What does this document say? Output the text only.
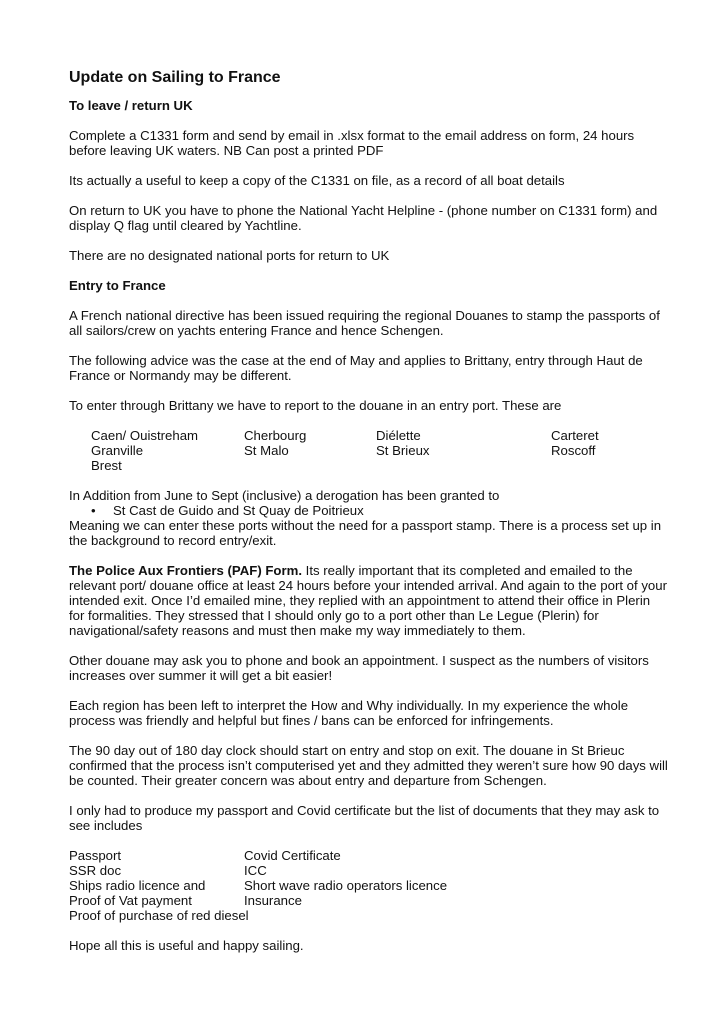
Update on Sailing to France
To leave / return UK

Complete a C1331 form and send by email in .xlsx format to the email address on form, 24 hours before leaving UK waters. NB Can post a printed PDF

Its actually a useful to keep a copy of the C1331 on file, as a record of all boat details

On return to UK you have to phone the National Yacht Helpline - (phone number on C1331 form) and display Q flag until cleared by Yachtline.

There are no designated national ports for return to UK

Entry to France

A French national directive has been issued requiring the regional Douanes to stamp the passports of all sailors/crew on yachts entering France and hence Schengen.

The following advice was the case at the end of May and applies to Brittany, entry through Haut de France or Normandy may be different.

To enter through Brittany we have to report to the douane in an entry port. These are

Caen/ Ouistreham	Cherbourg	Diélette	Carteret
Granville	St Malo	St Brieux	Roscoff
Brest
In Addition from June to Sept (inclusive) a derogation has been granted to
• St Cast de Guido and St Quay de Poitrieux

Meaning we can enter these ports without the need for a passport stamp. There is a process set up in the background to record entry/exit.

The Police Aux Frontiers (PAF) Form. Its really important that its completed and emailed to the relevant port/ douane office at least 24 hours before your intended arrival. And again to the port of your intended exit. Once I’d emailed mine, they replied with an appointment to attend their office in Plerin for formalities. They stressed that I should only go to a port other than Le Legue (Plerin) for navigational/safety reasons and must then make my way immediately to them.

Other douane may ask you to phone and book an appointment. I suspect as the numbers of visitors increases over summer it will get a bit easier!

Each region has been left to interpret the How and Why individually. In my experience the whole process was friendly and helpful but fines / bans can be enforced for infringements.

The 90 day out of 180 day clock should start on entry and stop on exit. The douane in St Brieuc confirmed that the process isn’t computerised yet and they admitted they weren’t sure how 90 days will be counted. Their greater concern was about entry and departure from Schengen.

I only had to produce my passport and Covid certificate but the list of documents that they may ask to see includes

Passport	Covid Certificate
SSR doc	ICC
Ships radio licence and	Short wave radio operators licence
Proof of Vat payment	Insurance
Proof of purchase of red diesel

Hope all this is useful and happy sailing.
